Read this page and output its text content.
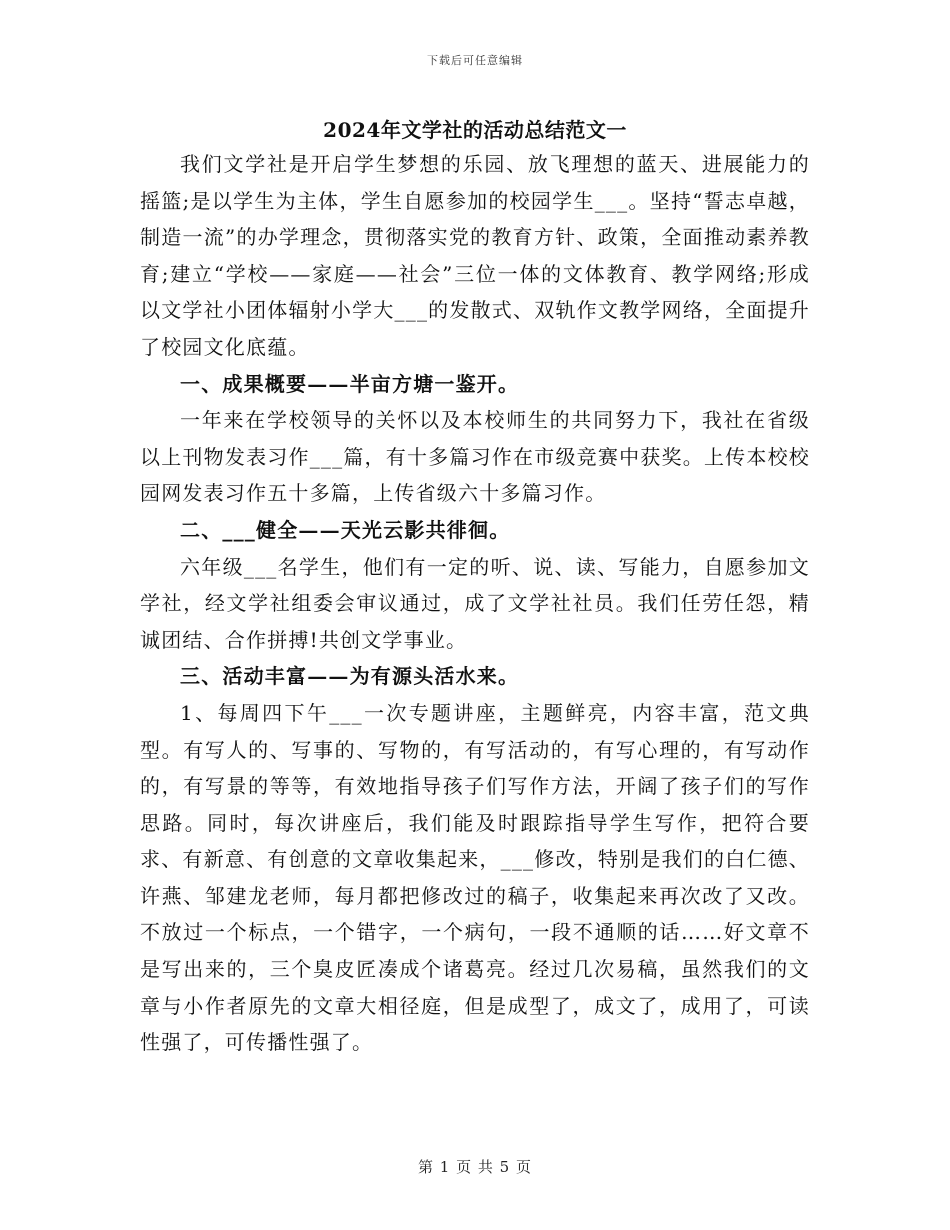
下载后可任意编辑
2024年文学社的活动总结范文一

我们文学社是开启学生梦想的乐园、放飞理想的蓝天、进展能力的摇篮;是以学生为主体，学生自愿参加的校园学生___。坚持“誓志卓越，制造一流”的办学理念，贯彻落实党的教育方针、政策，全面推动素养教育;建立“学校——家庭——社会”三位一体的文体教育、教学网络;形成以文学社小团体辐射小学大___的发散式、双轨作文教学网络，全面提升了校园文化底蕴。

一、成果概要——半亩方塘一鉴开。

一年来在学校领导的关怀以及本校师生的共同努力下，我社在省级以上刊物发表习作___篇，有十多篇习作在市级竞赛中获奖。上传本校校园网发表习作五十多篇，上传省级六十多篇习作。

二、___健全——天光云影共徘徊。

六年级___名学生，他们有一定的听、说、读、写能力，自愿参加文学社，经文学社组委会审议通过，成了文学社社员。我们任劳任怨，精诚团结、合作拼搏!共创文学事业。

三、活动丰富——为有源头活水来。

1、每周四下午___一次专题讲座，主题鲜亮，内容丰富，范文典型。有写人的、写事的、写物的，有写活动的，有写心理的，有写动作的，有写景的等等，有效地指导孩子们写作方法，开阔了孩子们的写作思路。同时，每次讲座后，我们能及时跟踪指导学生写作，把符合要求、有新意、有创意的文章收集起来，___修改，特别是我们的白仁德、许燕、邹建龙老师，每月都把修改过的稿子，收集起来再次改了又改。不放过一个标点，一个错字，一个病句，一段不通顺的话……好文章不是写出来的，三个臭皮匠凑成个诸葛亮。经过几次易稿，虽然我们的文章与小作者原先的文章大相径庭，但是成型了，成文了，成用了，可读性强了，可传播性强了。

第 1 页 共 5 页
